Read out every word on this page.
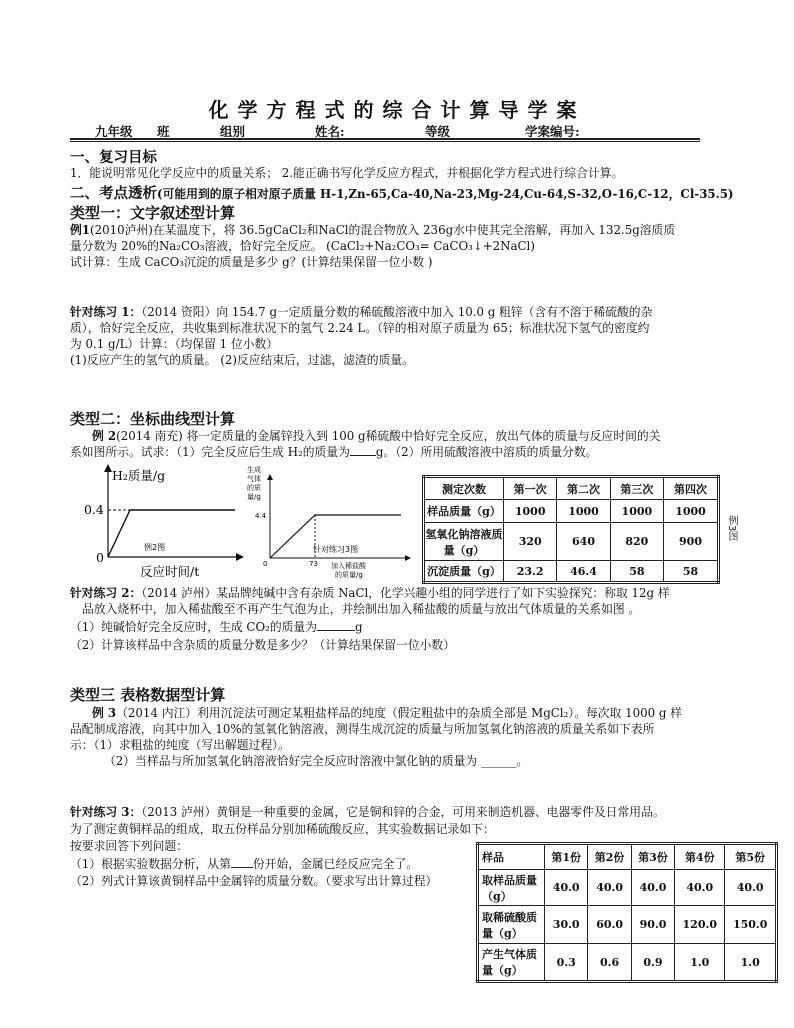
化学方程式的综合计算导学案
九年级 班	组别	姓名:	等级	学案编号:
一、复习目标
1．能说明常见化学反应中的质量关系； 2.能正确书写化学反应方程式，并根据化学方程式进行综合计算。
二、考点透析(可能用到的原子相对原子质量 H-1,Zn-65,Ca-40,Na-23,Mg-24,Cu-64,S-32,O-16,C-12，Cl-35.5)
类型一：文字叙述型计算
例1(2010泸州)在某温度下，将 36.5gCaCl₂和NaCl的混合物放入 236g水中使其完全溶解，再加入 132.5g溶质质
量分数为 20%的Na₂CO₃溶液，恰好完全反应。 (CaCl₂+Na₂CO₃= CaCO₃↓+2NaCl)
试计算：生成 CaCO₃沉淀的质量是多少 g？(计算结果保留一位小数 )
针对练习 1：（2014 资阳）向 154.7 g一定质量分数的稀硫酸溶液中加入 10.0 g 粗锌（含有不溶于稀硫酸的杂
质），恰好完全反应，共收集到标准状况下的氢气 2.24 L。（锌的相对原子质量为 65；标准状况下氢气的密度约
为 0.1 g/L）计算：（均保留 1 位小数）
(1)反应产生的氢气的质量。 (2)反应结束后，过滤，滤渣的质量。
类型二：坐标曲线型计算
例 2(2014 南充) 将一定质量的金属锌投入到 100 g稀硫酸中恰好完全反应，放出气体的质量与反应时间的关
系如图所示。试求：（1）完全反应后生成 H₂的质量为 g。（2）所用硫酸溶液中溶质的质量分数。
H₂质量/g
0.4
0
例2图
反应时间/t
生成
气体
的质
量/g
4.4
0	73
针对练习3图
加入稀盐酸
的质量/g
测定次数	第一次	第二次	第三次	第四次
样品质量（g）	1000	1000	1000	1000
氢氧化钠溶液质量（g）	320	640	820	900
沉淀质量（g）	23.2	46.4	58	58
例3图
针对练习 2：（2014 泸州）某品牌纯碱中含有杂质 NaCl，化学兴趣小组的同学进行了如下实验探究：称取 12g 样
品放入烧杯中，加入稀盐酸至不再产生气泡为止，并绘制出加入稀盐酸的质量与放出气体质量的关系如图 。
（1）纯碱恰好完全反应时，生成 CO₂的质量为	g
（2）计算该样品中含杂质的质量分数是多少？（计算结果保留一位小数）
类型三 表格数据型计算
例 3（2014 内江）利用沉淀法可测定某粗盐样品的纯度（假定粗盐中的杂质全部是 MgCl₂）。每次取 1000 g 样
品配制成溶液，向其中加入 10%的氢氧化钠溶液，测得生成沉淀的质量与所加氢氧化钠溶液的质量关系如下表所
示：（1）求粗盐的纯度（写出解题过程）。
（2）当样品与所加氢氧化钠溶液恰好完全反应时溶液中氯化钠的质量为 ______。
针对练习 3：（2013 泸州）黄铜是一种重要的金属，它是铜和锌的合金，可用来制造机器、电器零件及日常用品。
为了测定黄铜样品的组成，取五份样品分别加稀硫酸反应，其实验数据记录如下：
按要求回答下列问题：
（1）根据实验数据分析，从第 份开始，金属已经反应完全了。
（2）列式计算该黄铜样品中金属锌的质量分数。（要求写出计算过程）
样品	第1份	第2份	第3份	第4份	第5份
取样品质量（g）	40.0	40.0	40.0	40.0	40.0
取稀硫酸质量（g）	30.0	60.0	90.0	120.0	150.0
产生气体质量（g）	0.3	0.6	0.9	1.0	1.0
